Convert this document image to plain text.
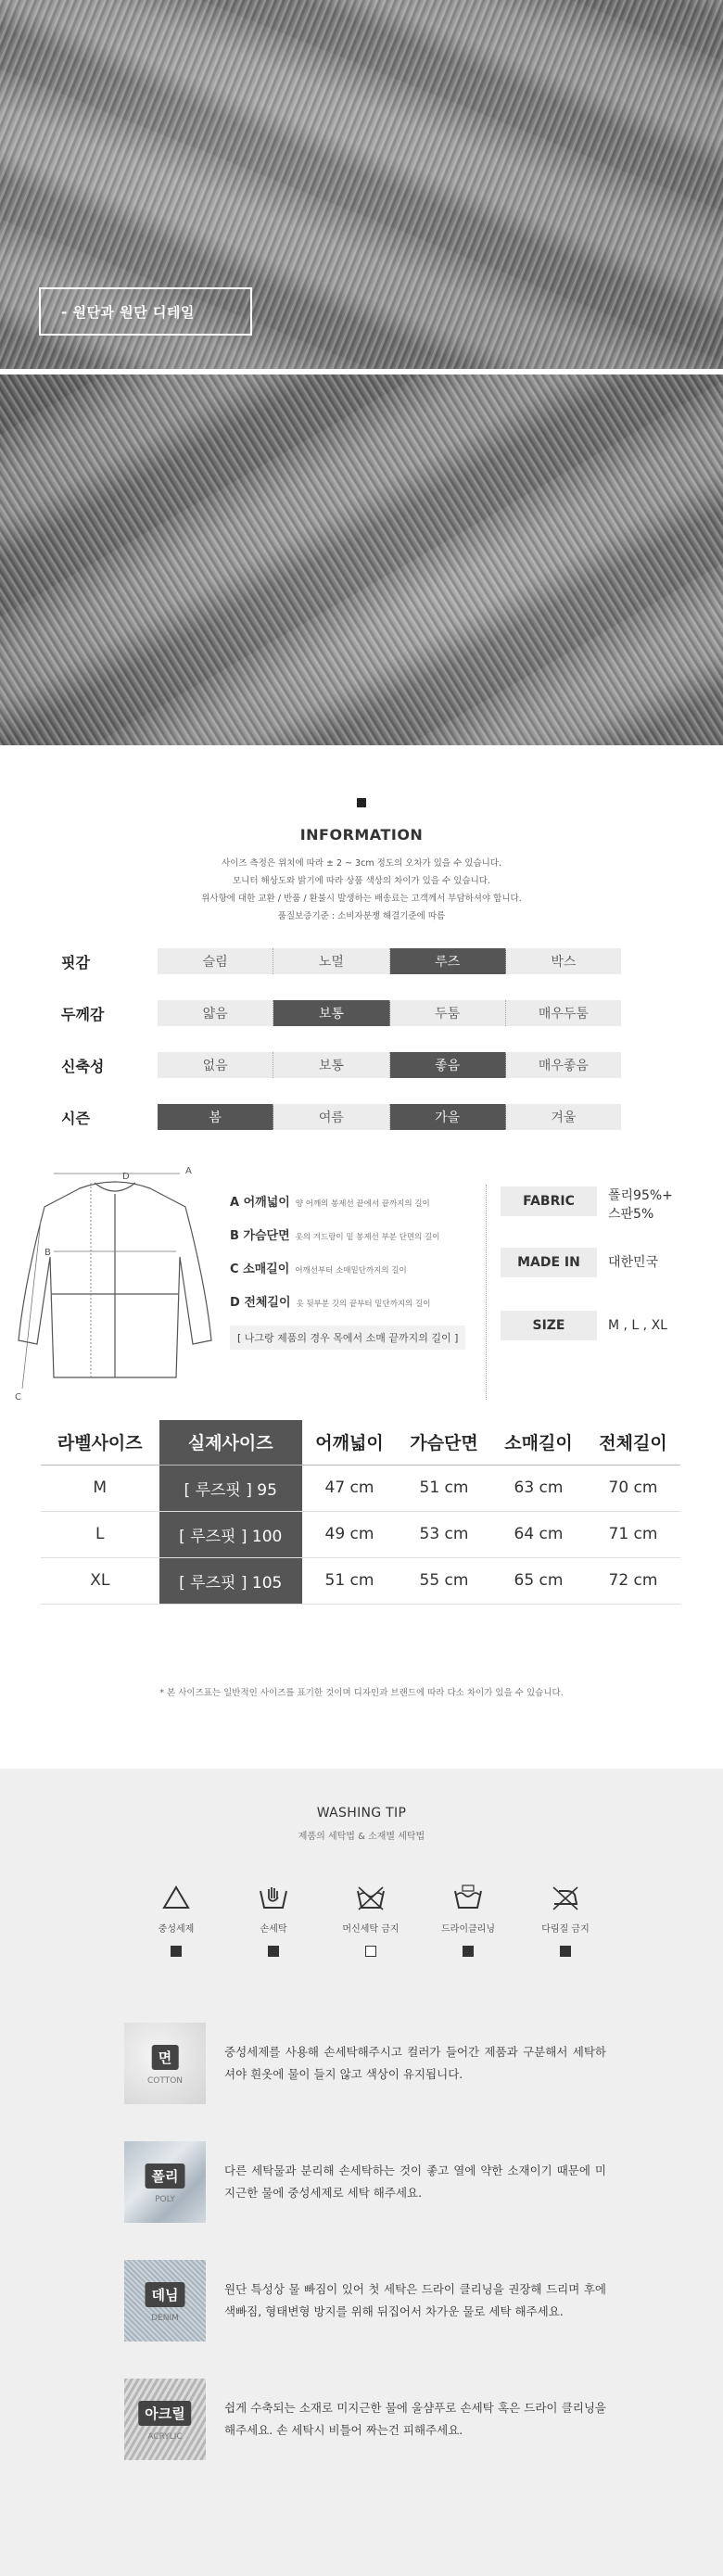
- 원단과 원단 디테일
INFORMATION
사이즈 측정은 위치에 따라 ± 2 ~ 3cm 정도의 오차가 있을 수 있습니다.
모니터 해상도와 밝기에 따라 상품 색상의 차이가 있을 수 있습니다.
위사항에 대한 교환 / 반품 / 환불시 발생하는 배송료는 고객께서 부담하셔야 합니다.
품질보증기준 : 소비자분쟁 해결기준에 따름
핏감	슬림	노멀	루즈	박스
두께감	얇음	보통	두툼	매우두툼
신축성	없음	보통	좋음	매우좋음
시즌	봄	여름	가을	겨울
A
B
C
D
A 어깨넓이 양 어깨의 봉제선 끝에서 끝까지의 길이
B 가슴단면 옷의 겨드랑이 밑 봉제선 부분 단면의 길이
C 소매길이 어깨선부터 소매밑단까지의 길이
D 전체길이 옷 뒷부분 깃의 끝부터 밑단까지의 길이
[ 나그랑 제품의 경우 목에서 소매 끝까지의 길이 ]
FABRIC	폴리95%+
스판5%
MADE IN	대한민국
SIZE	M , L , XL
라벨사이즈	실제사이즈	어깨넓이	가슴단면	소매길이	전체길이
M	[ 루즈핏 ] 95	47 cm	51 cm	63 cm	70 cm
L	[ 루즈핏 ] 100	49 cm	53 cm	64 cm	71 cm
XL	[ 루즈핏 ] 105	51 cm	55 cm	65 cm	72 cm
* 본 사이즈표는 일반적인 사이즈를 표기한 것이며 디자인과 브랜드에 따라 다소 차이가 있을 수 있습니다.
WASHING TIP
제품의 세탁법 & 소재별 세탁법
중성세제	손세탁	머신세탁 금지	드라이클리닝	다림질 금지
면
COTTON
중성세제를 사용해 손세탁해주시고 컬러가 들어간 제품과 구분해서 세탁하셔야 흰옷에 물이 들지 않고 색상이 유지됩니다.
폴리
POLY
다른 세탁물과 분리해 손세탁하는 것이 좋고 열에 약한 소재이기 때문에 미지근한 물에 중성세제로 세탁 해주세요.
데님
DENIM
원단 특성상 물 빠짐이 있어 첫 세탁은 드라이 클리닝을 권장해 드리며 후에 색빠짐, 형태변형 방지를 위해 뒤집어서 차가운 물로 세탁 해주세요.
아크릴
ACRYLIC
쉽게 수축되는 소재로 미지근한 물에 울샴푸로 손세탁 혹은 드라이 클리닝을 해주세요. 손 세탁시 비틀어 짜는건 피해주세요.
